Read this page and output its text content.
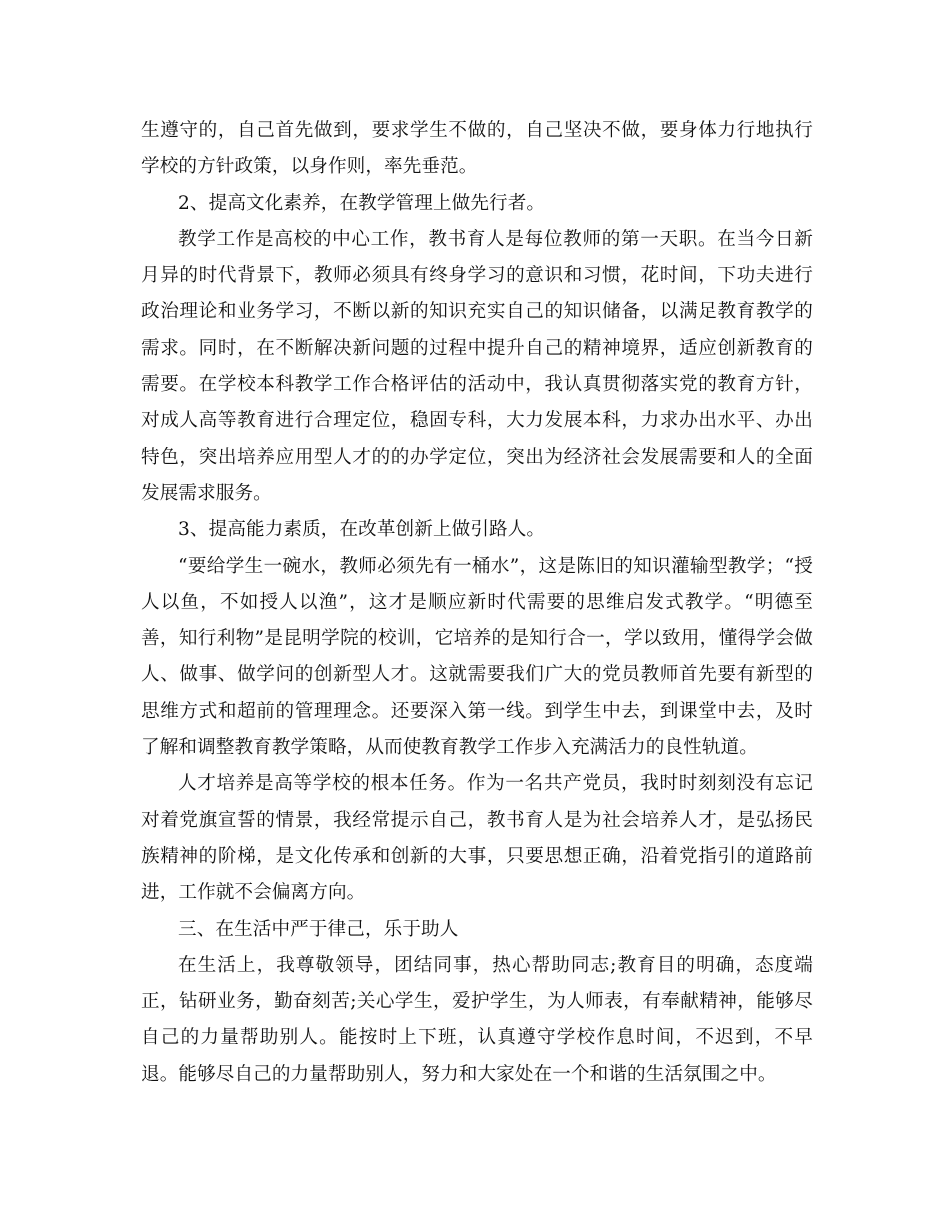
生遵守的，自己首先做到，要求学生不做的，自己坚决不做，要身体力行地执行学校的方针政策，以身作则，率先垂范。

2、提高文化素养，在教学管理上做先行者。

教学工作是高校的中心工作，教书育人是每位教师的第一天职。在当今日新月异的时代背景下，教师必须具有终身学习的意识和习惯，花时间，下功夫进行政治理论和业务学习，不断以新的知识充实自己的知识储备，以满足教育教学的需求。同时，在不断解决新问题的过程中提升自己的精神境界，适应创新教育的需要。在学校本科教学工作合格评估的活动中，我认真贯彻落实党的教育方针，对成人高等教育进行合理定位，稳固专科，大力发展本科，力求办出水平、办出特色，突出培养应用型人才的的办学定位，突出为经济社会发展需要和人的全面发展需求服务。

3、提高能力素质，在改革创新上做引路人。

“要给学生一碗水，教师必须先有一桶水”，这是陈旧的知识灌输型教学；“授人以鱼，不如授人以渔”，这才是顺应新时代需要的思维启发式教学。“明德至善，知行利物”是昆明学院的校训，它培养的是知行合一，学以致用，懂得学会做人、做事、做学问的创新型人才。这就需要我们广大的党员教师首先要有新型的思维方式和超前的管理理念。还要深入第一线。到学生中去，到课堂中去，及时了解和调整教育教学策略，从而使教育教学工作步入充满活力的良性轨道。

人才培养是高等学校的根本任务。作为一名共产党员，我时时刻刻没有忘记对着党旗宣誓的情景，我经常提示自己，教书育人是为社会培养人才，是弘扬民族精神的阶梯，是文化传承和创新的大事，只要思想正确，沿着党指引的道路前进，工作就不会偏离方向。

三、在生活中严于律己，乐于助人

在生活上，我尊敬领导，团结同事，热心帮助同志;教育目的明确，态度端正，钻研业务，勤奋刻苦;关心学生，爱护学生，为人师表，有奉献精神，能够尽自己的力量帮助别人。能按时上下班，认真遵守学校作息时间，不迟到，不早退。能够尽自己的力量帮助别人，努力和大家处在一个和谐的生活氛围之中。
